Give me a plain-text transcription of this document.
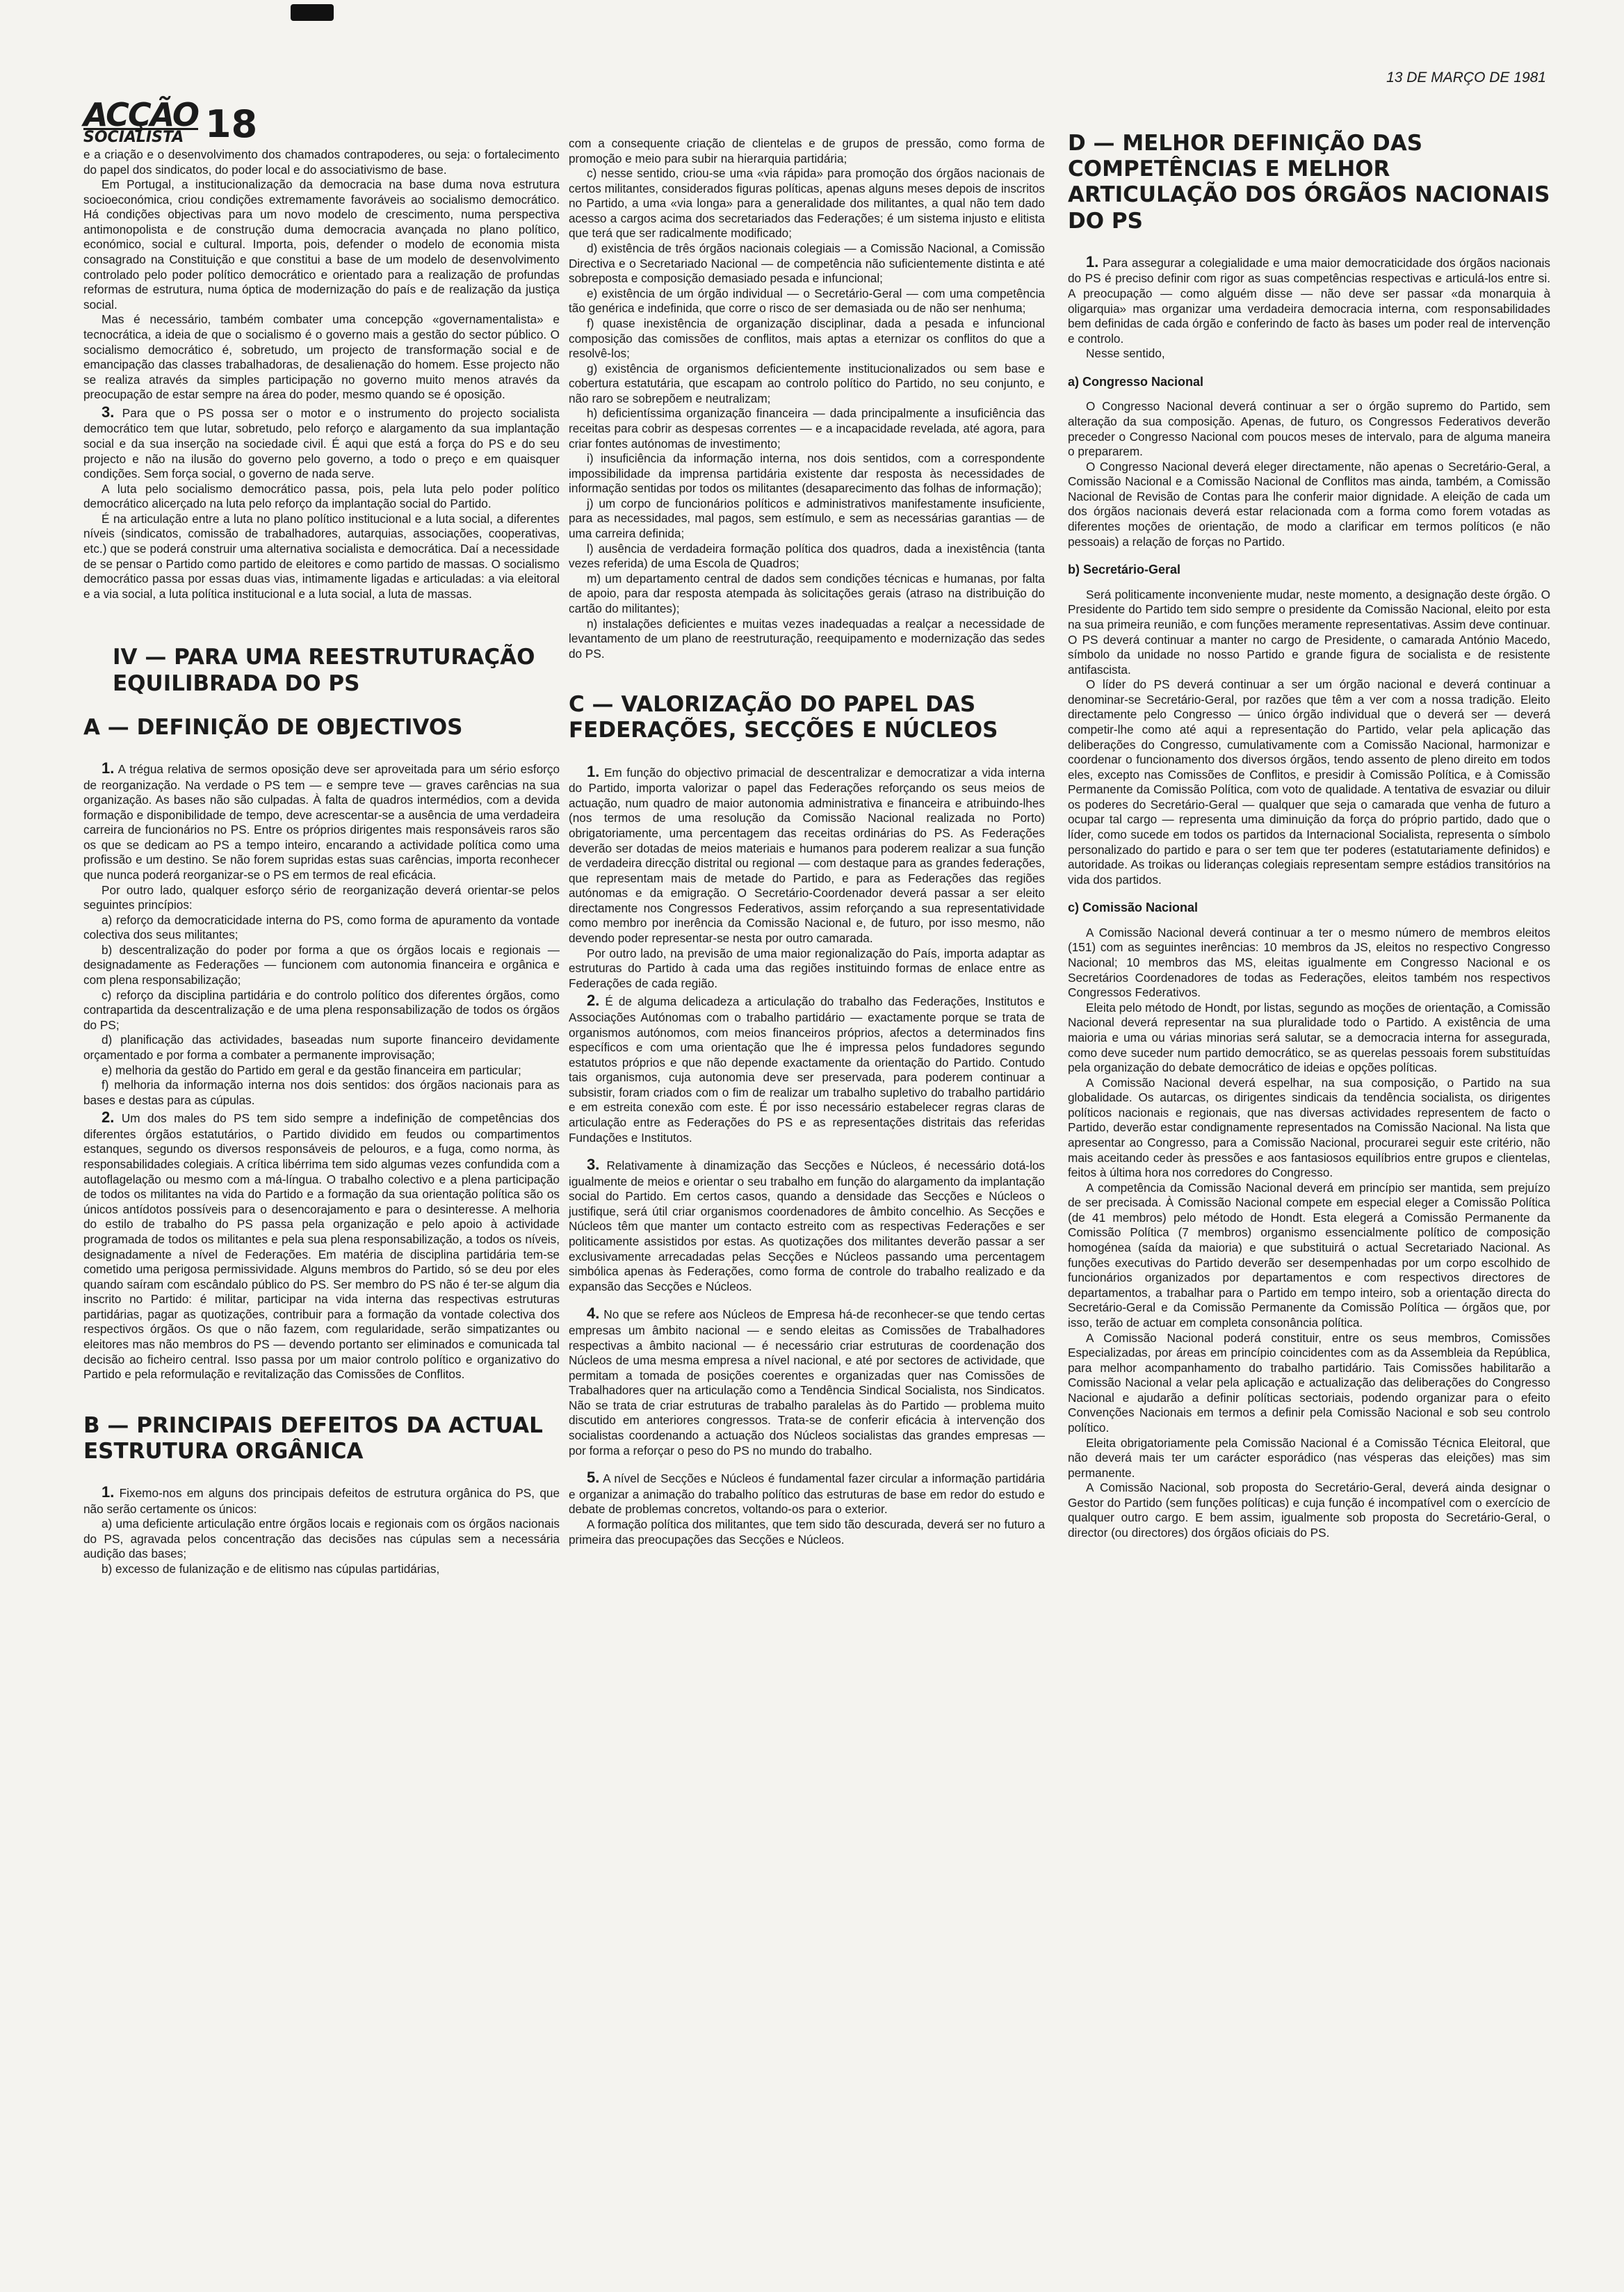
ACÇÃO
SOCIALISTA 18
13 DE MARÇO DE 1981

e a criação e o desenvolvimento dos chamados contrapoderes, ou seja: o fortalecimento do papel dos sindicatos, do poder local e do associativismo de base.

Em Portugal, a institucionalização da democracia na base duma nova estrutura socioeconómica, criou condições extremamente favoráveis ao socialismo democrático. Há condições objectivas para um novo modelo de crescimento, numa perspectiva antimonopolista e de construção duma democracia avançada no plano político, económico, social e cultural. Importa, pois, defender o modelo de economia mista consagrado na Constituição e que constitui a base de um modelo de desenvolvimento controlado pelo poder político democrático e orientado para a realização de profundas reformas de estrutura, numa óptica de modernização do país e de realização da justiça social.

Mas é necessário, também combater uma concepção «governamentalista» e tecnocrática, a ideia de que o socialismo é o governo mais a gestão do sector público. O socialismo democrático é, sobretudo, um projecto de transformação social e de emancipação das classes trabalhadoras, de desalienação do homem. Esse projecto não se realiza através da simples participação no governo muito menos através da preocupação de estar sempre na área do poder, mesmo quando se é oposição.

3. Para que o PS possa ser o motor e o instrumento do projecto socialista democrático tem que lutar, sobretudo, pelo reforço e alargamento da sua implantação social e da sua inserção na sociedade civil. É aqui que está a força do PS e do seu projecto e não na ilusão do governo pelo governo, a todo o preço e em quaisquer condições. Sem força social, o governo de nada serve.

A luta pelo socialismo democrático passa, pois, pela luta pelo poder político democrático alicerçado na luta pelo reforço da implantação social do Partido.

É na articulação entre a luta no plano político institucional e a luta social, a diferentes níveis (sindicatos, comissão de trabalhadores, autarquias, associações, cooperativas, etc.) que se poderá construir uma alternativa socialista e democrática. Daí a necessidade de se pensar o Partido como partido de eleitores e como partido de massas. O socialismo democrático passa por essas duas vias, intimamente ligadas e articuladas: a via eleitoral e a via social, a luta política institucional e a luta social, a luta de massas.

IV — PARA UMA REESTRUTURAÇÃO EQUILIBRADA DO PS
A — DEFINIÇÃO DE OBJECTIVOS

1. A trégua relativa de sermos oposição deve ser aproveitada para um sério esforço de reorganização. Na verdade o PS tem — e sempre teve — graves carências na sua organização. As bases não são culpadas. À falta de quadros intermédios, com a devida formação e disponibilidade de tempo, deve acrescentar-se a ausência de uma verdadeira carreira de funcionários no PS. Entre os próprios dirigentes mais responsáveis raros são os que se dedicam ao PS a tempo inteiro, encarando a actividade política como uma profissão e um destino. Se não forem supridas estas suas carências, importa reconhecer que nunca poderá reorganizar-se o PS em termos de real eficácia.

Por outro lado, qualquer esforço sério de reorganização deverá orientar-se pelos seguintes princípios:

a) reforço da democraticidade interna do PS, como forma de apuramento da vontade colectiva dos seus militantes;

b) descentralização do poder por forma a que os órgãos locais e regionais — designadamente as Federações — funcionem com autonomia financeira e orgânica e com plena responsabilização;

c) reforço da disciplina partidária e do controlo político dos diferentes órgãos, como contrapartida da descentralização e de uma plena responsabilização de todos os órgãos do PS;

d) planificação das actividades, baseadas num suporte financeiro devidamente orçamentado e por forma a combater a permanente improvisação;

e) melhoria da gestão do Partido em geral e da gestão financeira em particular;

f) melhoria da informação interna nos dois sentidos: dos órgãos nacionais para as bases e destas para as cúpulas.

2. Um dos males do PS tem sido sempre a indefinição de competências dos diferentes órgãos estatutários, o Partido dividido em feudos ou compartimentos estanques, segundo os diversos responsáveis de pelouros, e a fuga, como norma, às responsabilidades colegiais. A crítica libérrima tem sido algumas vezes confundida com a autoflagelação ou mesmo com a má-língua. O trabalho colectivo e a plena participação de todos os militantes na vida do Partido e a formação da sua orientação política são os únicos antídotos possíveis para o desencorajamento e para o desinteresse. A melhoria do estilo de trabalho do PS passa pela organização e pelo apoio à actividade programada de todos os militantes e pela sua plena responsabilização, a todos os níveis, designadamente a nível de Federações. Em matéria de disciplina partidária tem-se cometido uma perigosa permissividade. Alguns membros do Partido, só se deu por eles quando saíram com escândalo público do PS. Ser membro do PS não é ter-se algum dia inscrito no Partido: é militar, participar na vida interna das respectivas estruturas partidárias, pagar as quotizações, contribuir para a formação da vontade colectiva dos respectivos órgãos. Os que o não fazem, com regularidade, serão simpatizantes ou eleitores mas não membros do PS — devendo portanto ser eliminados e comunicada tal decisão ao ficheiro central. Isso passa por um maior controlo político e organizativo do Partido e pela reformulação e revitalização das Comissões de Conflitos.

B — PRINCIPAIS DEFEITOS DA ACTUAL ESTRUTURA ORGÂNICA

1. Fixemo-nos em alguns dos principais defeitos de estrutura orgânica do PS, que não serão certamente os únicos:

a) uma deficiente articulação entre órgãos locais e regionais com os órgãos nacionais do PS, agravada pelos concentração das decisões nas cúpulas sem a necessária audição das bases;

b) excesso de fulanização e de elitismo nas cúpulas partidárias,

com a consequente criação de clientelas e de grupos de pressão, como forma de promoção e meio para subir na hierarquia partidária;

c) nesse sentido, criou-se uma «via rápida» para promoção dos órgãos nacionais de certos militantes, considerados figuras políticas, apenas alguns meses depois de inscritos no Partido, a uma «via longa» para a generalidade dos militantes, a qual não tem dado acesso a cargos acima dos secretariados das Federações; é um sistema injusto e elitista que terá que ser radicalmente modificado;

d) existência de três órgãos nacionais colegiais — a Comissão Nacional, a Comissão Directiva e o Secretariado Nacional — de competência não suficientemente distinta e até sobreposta e composição demasiado pesada e infuncional;

e) existência de um órgão individual — o Secretário-Geral — com uma competência tão genérica e indefinida, que corre o risco de ser demasiada ou de não ser nenhuma;

f) quase inexistência de organização disciplinar, dada a pesada e infuncional composição das comissões de conflitos, mais aptas a eternizar os conflitos do que a resolvê-los;

g) existência de organismos deficientemente institucionalizados ou sem base e cobertura estatutária, que escapam ao controlo político do Partido, no seu conjunto, e não raro se sobrepõem e neutralizam;

h) deficientíssima organização financeira — dada principalmente a insuficiência das receitas para cobrir as despesas correntes — e a incapacidade revelada, até agora, para criar fontes autónomas de investimento;

i) insuficiência da informação interna, nos dois sentidos, com a correspondente impossibilidade da imprensa partidária existente dar resposta às necessidades de informação sentidas por todos os militantes (desaparecimento das folhas de informação);

j) um corpo de funcionários políticos e administrativos manifestamente insuficiente, para as necessidades, mal pagos, sem estímulo, e sem as necessárias garantias — de uma carreira definida;

l) ausência de verdadeira formação política dos quadros, dada a inexistência (tanta vezes referida) de uma Escola de Quadros;

m) um departamento central de dados sem condições técnicas e humanas, por falta de apoio, para dar resposta atempada às solicitações gerais (atraso na distribuição do cartão do militantes);

n) instalações deficientes e muitas vezes inadequadas a realçar a necessidade de levantamento de um plano de reestruturação, reequipamento e modernização das sedes do PS.

C — VALORIZAÇÃO DO PAPEL DAS FEDERAÇÕES, SECÇÕES E NÚCLEOS

1. Em função do objectivo primacial de descentralizar e democratizar a vida interna do Partido, importa valorizar o papel das Federações reforçando os seus meios de actuação, num quadro de maior autonomia administrativa e financeira e atribuindo-lhes (nos termos de uma resolução da Comissão Nacional realizada no Porto) obrigatoriamente, uma percentagem das receitas ordinárias do PS. As Federações deverão ser dotadas de meios materiais e humanos para poderem realizar a sua função de verdadeira direcção distrital ou regional — com destaque para as grandes federações, que representam mais de metade do Partido, e para as Federações das regiões autónomas e da emigração. O Secretário-Coordenador deverá passar a ser eleito directamente nos Congressos Federativos, assim reforçando a sua representatividade como membro por inerência da Comissão Nacional e, de futuro, por isso mesmo, não devendo poder representar-se nesta por outro camarada.

Por outro lado, na previsão de uma maior regionalização do País, importa adaptar as estruturas do Partido à cada uma das regiões instituindo formas de enlace entre as Federações de cada região.

2. É de alguma delicadeza a articulação do trabalho das Federações, Institutos e Associações Autónomas com o trabalho partidário — exactamente porque se trata de organismos autónomos, com meios financeiros próprios, afectos a determinados fins específicos e com uma orientação que lhe é impressa pelos fundadores segundo estatutos próprios e que não depende exactamente da orientação do Partido. Contudo tais organismos, cuja autonomia deve ser preservada, para poderem continuar a subsistir, foram criados com o fim de realizar um trabalho supletivo do trabalho partidário e em estreita conexão com este. É por isso necessário estabelecer regras claras de articulação entre as Federações do PS e as representações distritais das referidas Fundações e Institutos.

3. Relativamente à dinamização das Secções e Núcleos, é necessário dotá-los igualmente de meios e orientar o seu trabalho em função do alargamento da implantação social do Partido. Em certos casos, quando a densidade das Secções e Núcleos o justifique, será útil criar organismos coordenadores de âmbito concelhio. As Secções e Núcleos têm que manter um contacto estreito com as respectivas Federações e ser politicamente assistidos por estas. As quotizações dos militantes deverão passar a ser exclusivamente arrecadadas pelas Secções e Núcleos passando uma percentagem simbólica apenas às Federações, como forma de controle do trabalho realizado e da expansão das Secções e Núcleos.

4. No que se refere aos Núcleos de Empresa há-de reconhecer-se que tendo certas empresas um âmbito nacional — e sendo eleitas as Comissões de Trabalhadores respectivas a âmbito nacional — é necessário criar estruturas de coordenação dos Núcleos de uma mesma empresa a nível nacional, e até por sectores de actividade, que permitam a tomada de posições coerentes e organizadas quer nas Comissões de Trabalhadores quer na articulação como a Tendência Sindical Socialista, nos Sindicatos. Não se trata de criar estruturas de trabalho paralelas às do Partido — problema muito discutido em anteriores congressos. Trata-se de conferir eficácia à intervenção dos socialistas coordenando a actuação dos Núcleos socialistas das grandes empresas — por forma a reforçar o peso do PS no mundo do trabalho.

5. A nível de Secções e Núcleos é fundamental fazer circular a informação partidária e organizar a animação do trabalho político das estruturas de base em redor do estudo e debate de problemas concretos, voltando-os para o exterior.

A formação política dos militantes, que tem sido tão descurada, deverá ser no futuro a primeira das preocupações das Secções e Núcleos.

D — MELHOR DEFINIÇÃO DAS COMPETÊNCIAS E MELHOR ARTICULAÇÃO DOS ÓRGÃOS NACIONAIS DO PS

1. Para assegurar a colegialidade e uma maior democraticidade dos órgãos nacionais do PS é preciso definir com rigor as suas competências respectivas e articulá-los entre si. A preocupação — como alguém disse — não deve ser passar «da monarquia à oligarquia» mas organizar uma verdadeira democracia interna, com responsabilidades bem definidas de cada órgão e conferindo de facto às bases um poder real de intervenção e controlo.

Nesse sentido,

a) Congresso Nacional

O Congresso Nacional deverá continuar a ser o órgão supremo do Partido, sem alteração da sua composição. Apenas, de futuro, os Congressos Federativos deverão preceder o Congresso Nacional com poucos meses de intervalo, para de alguma maneira o prepararem.

O Congresso Nacional deverá eleger directamente, não apenas o Secretário-Geral, a Comissão Nacional e a Comissão Nacional de Conflitos mas ainda, também, a Comissão Nacional de Revisão de Contas para lhe conferir maior dignidade. A eleição de cada um dos órgãos nacionais deverá estar relacionada com a forma como forem votadas as diferentes moções de orientação, de modo a clarificar em termos políticos (e não pessoais) a relação de forças no Partido.

b) Secretário-Geral

Será politicamente inconveniente mudar, neste momento, a designação deste órgão. O Presidente do Partido tem sido sempre o presidente da Comissão Nacional, eleito por esta na sua primeira reunião, e com funções meramente representativas. Assim deve continuar. O PS deverá continuar a manter no cargo de Presidente, o camarada António Macedo, símbolo da unidade no nosso Partido e grande figura de socialista e de resistente antifascista.

O líder do PS deverá continuar a ser um órgão nacional e deverá continuar a denominar-se Secretário-Geral, por razões que têm a ver com a nossa tradição. Eleito directamente pelo Congresso — único órgão individual que o deverá ser — deverá competir-lhe como até aqui a representação do Partido, velar pela aplicação das deliberações do Congresso, cumulativamente com a Comissão Nacional, harmonizar e coordenar o funcionamento dos diversos órgãos, tendo assento de pleno direito em todos eles, excepto nas Comissões de Conflitos, e presidir à Comissão Política, e à Comissão Permanente da Comissão Política, com voto de qualidade. A tentativa de esvaziar ou diluir os poderes do Secretário-Geral — qualquer que seja o camarada que venha de futuro a ocupar tal cargo — representa uma diminuição da força do próprio partido, dado que o líder, como sucede em todos os partidos da Internacional Socialista, representa o símbolo personalizado do partido e para o ser tem que ter poderes (estatutariamente definidos) e autoridade. As troikas ou lideranças colegiais representam sempre estádios transitórios na vida dos partidos.

c) Comissão Nacional

A Comissão Nacional deverá continuar a ter o mesmo número de membros eleitos (151) com as seguintes inerências: 10 membros da JS, eleitos no respectivo Congresso Nacional; 10 membros das MS, eleitas igualmente em Congresso Nacional e os Secretários Coordenadores de todas as Federações, eleitos também nos respectivos Congressos Federativos.

Eleita pelo método de Hondt, por listas, segundo as moções de orientação, a Comissão Nacional deverá representar na sua pluralidade todo o Partido. A existência de uma maioria e uma ou várias minorias será salutar, se a democracia interna for assegurada, como deve suceder num partido democrático, se as querelas pessoais forem substituídas pela organização do debate democrático de ideias e opções políticas.

A Comissão Nacional deverá espelhar, na sua composição, o Partido na sua globalidade. Os autarcas, os dirigentes sindicais da tendência socialista, os dirigentes políticos nacionais e regionais, que nas diversas actividades representem de facto o Partido, deverão estar condignamente representados na Comissão Nacional. Na lista que apresentar ao Congresso, para a Comissão Nacional, procurarei seguir este critério, não mais aceitando ceder às pressões e aos fantasiosos equilíbrios entre grupos e clientelas, feitos à última hora nos corredores do Congresso.

A competência da Comissão Nacional deverá em princípio ser mantida, sem prejuízo de ser precisada. À Comissão Nacional compete em especial eleger a Comissão Política (de 41 membros) pelo método de Hondt. Esta elegerá a Comissão Permanente da Comissão Política (7 membros) organismo essencialmente político de composição homogénea (saída da maioria) e que substituirá o actual Secretariado Nacional. As funções executivas do Partido deverão ser desempenhadas por um corpo escolhido de funcionários organizados por departamentos e com respectivos directores de departamentos, a trabalhar para o Partido em tempo inteiro, sob a orientação directa do Secretário-Geral e da Comissão Permanente da Comissão Política — órgãos que, por isso, terão de actuar em completa consonância política.

A Comissão Nacional poderá constituir, entre os seus membros, Comissões Especializadas, por áreas em princípio coincidentes com as da Assembleia da República, para melhor acompanhamento do trabalho partidário. Tais Comissões habilitarão a Comissão Nacional a velar pela aplicação e actualização das deliberações do Congresso Nacional e ajudarão a definir políticas sectoriais, podendo organizar para o efeito Convenções Nacionais em termos a definir pela Comissão Nacional e sob seu controlo político.

Eleita obrigatoriamente pela Comissão Nacional é a Comissão Técnica Eleitoral, que não deverá mais ter um carácter esporádico (nas vésperas das eleições) mas sim permanente.

A Comissão Nacional, sob proposta do Secretário-Geral, deverá ainda designar o Gestor do Partido (sem funções políticas) e cuja função é incompatível com o exercício de qualquer outro cargo. E bem assim, igualmente sob proposta do Secretário-Geral, o director (ou directores) dos órgãos oficiais do PS.
